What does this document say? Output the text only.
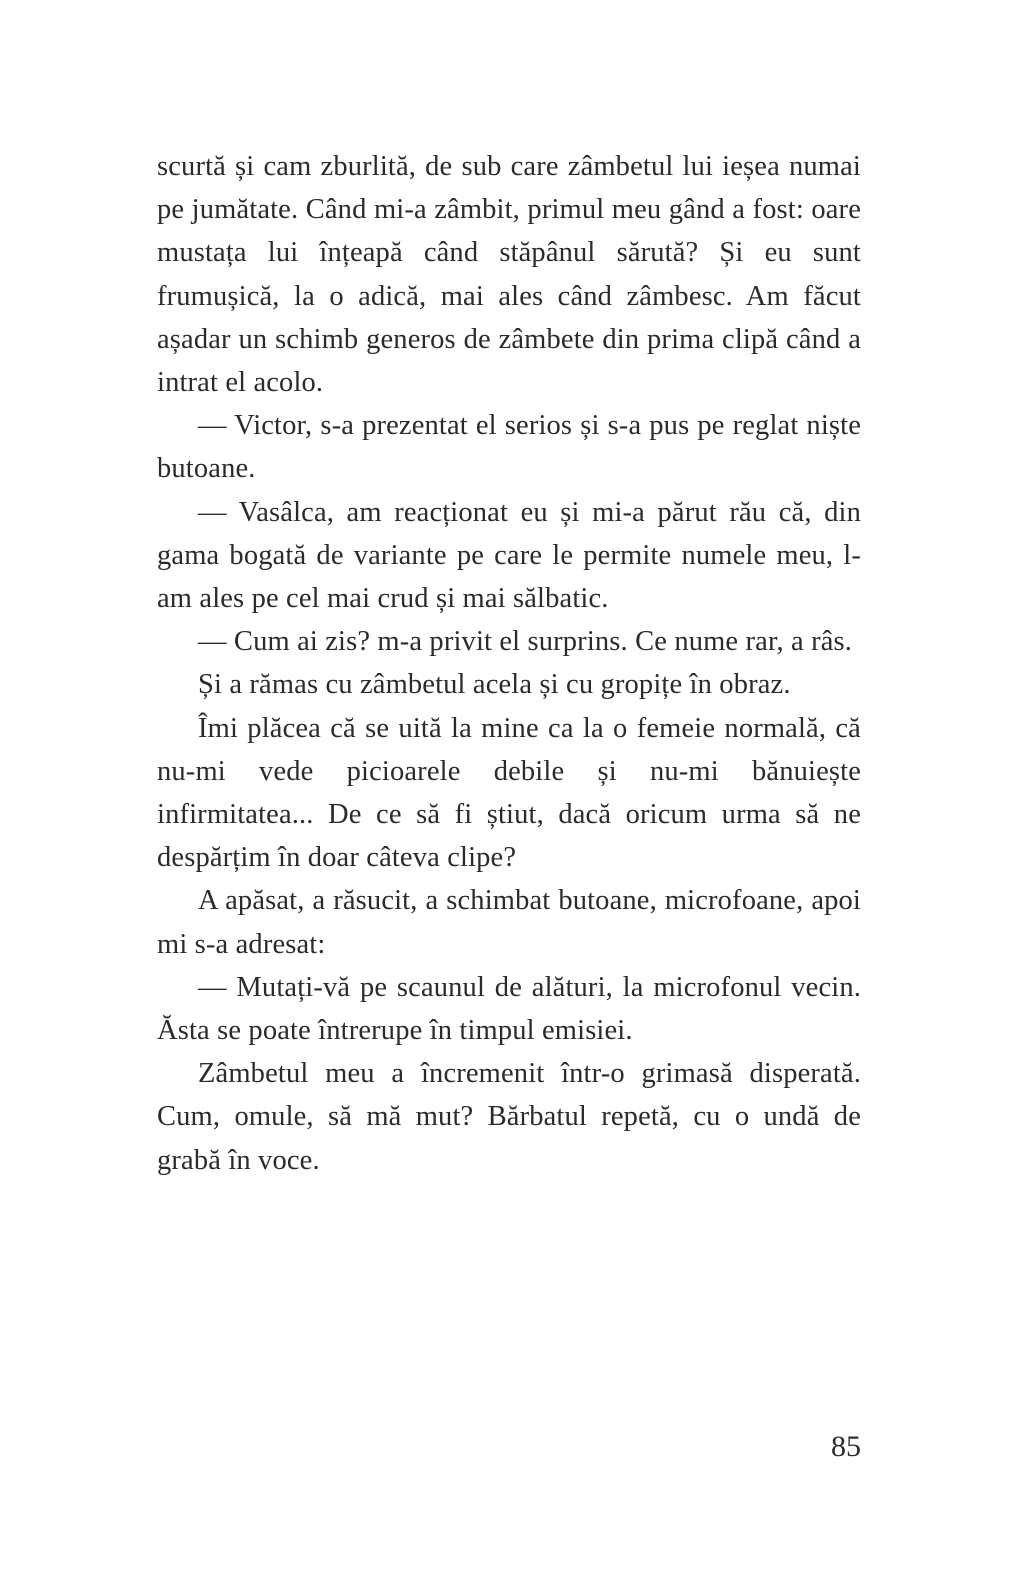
scurtă și cam zburlită, de sub care zâmbetul lui ieșea numai pe jumătate. Când mi-a zâmbit, primul meu gând a fost: oare mustața lui înțeapă când stăpânul sărută? Și eu sunt frumușică, la o adică, mai ales când zâmbesc. Am făcut așadar un schimb generos de zâmbete din prima clipă când a intrat el acolo.

— Victor, s-a prezentat el serios și s-a pus pe reglat niște butoane.

— Vasâlca, am reacționat eu și mi-a părut rău că, din gama bogată de variante pe care le permite numele meu, l-am ales pe cel mai crud și mai sălbatic.

— Cum ai zis? m-a privit el surprins. Ce nume rar, a râs.

Și a rămas cu zâmbetul acela și cu gropițe în obraz.

Îmi plăcea că se uită la mine ca la o femeie normală, că nu-mi vede picioarele debile și nu-mi bănuiește infirmitatea... De ce să fi știut, dacă oricum urma să ne despărțim în doar câteva clipe?

A apăsat, a răsucit, a schimbat butoane, microfoane, apoi mi s-a adresat:

— Mutați-vă pe scaunul de alături, la microfonul vecin. Ăsta se poate întrerupe în timpul emisiei.

Zâmbetul meu a încremenit într-o grimasă disperată. Cum, omule, să mă mut? Bărbatul repetă, cu o undă de grabă în voce.

85
